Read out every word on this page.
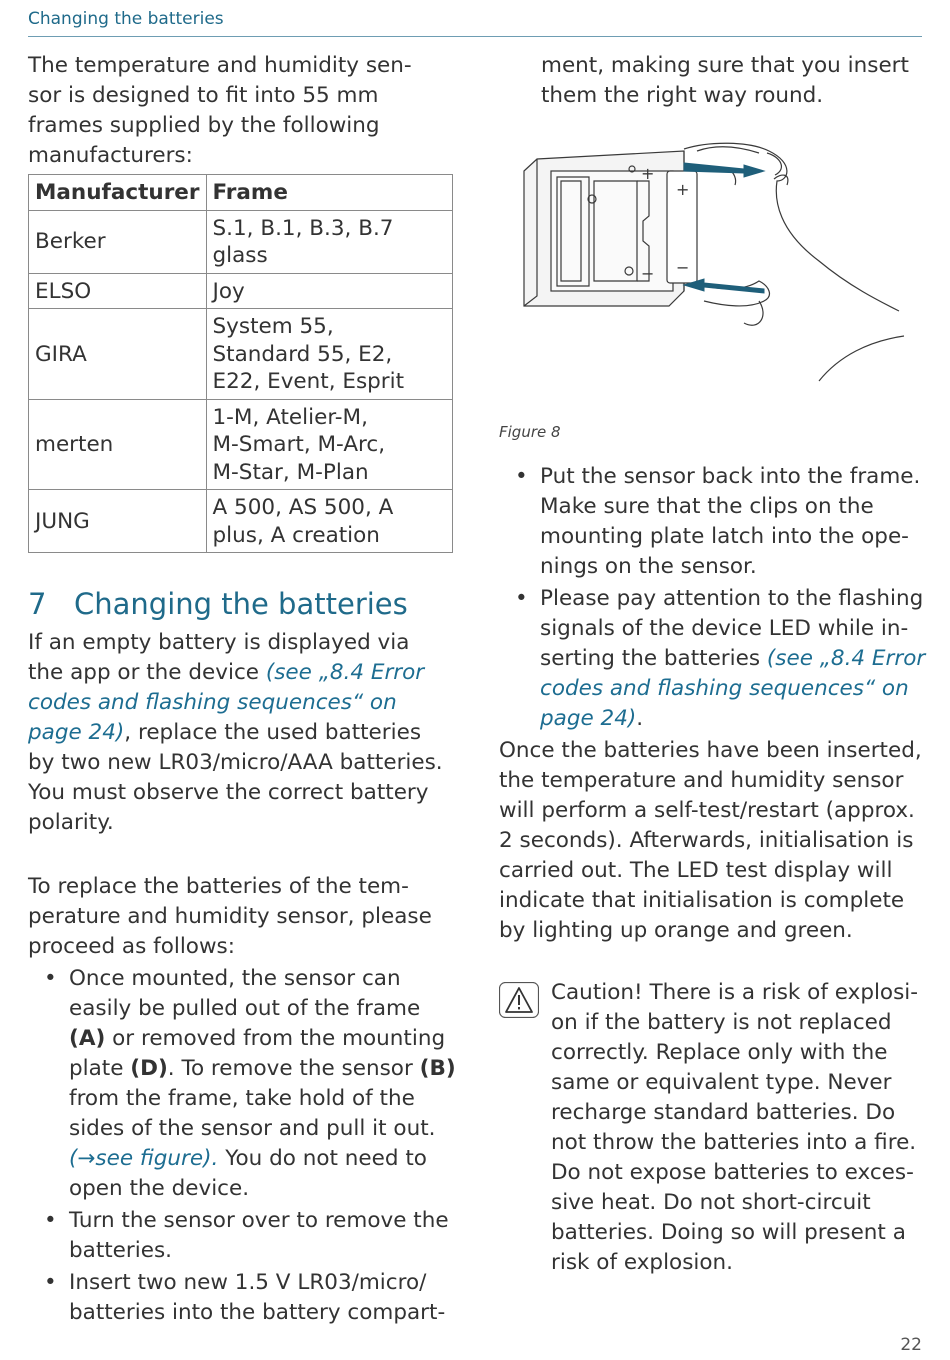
Changing the batteries
The temperature and humidity sen-sor is designed to fit into 55 mm frames supplied by the following manufacturers:
Manufacturer	Frame
Berker	S.1, B.1, B.3, B.7 glass
ELSO	Joy
GIRA	System 55, Standard 55, E2, E22, Event, Esprit
merten	1-M, Atelier-M, M-Smart, M-Arc, M-Star, M-Plan
JUNG	A 500, AS 500, A plus, A creation
7 Changing the batteries
If an empty battery is displayed via the app or the device (see „8.4 Error codes and flashing sequences“ on page 24), replace the used batteries by two new LR03/micro/AAA batteries. You must observe the correct battery polarity.
To replace the batteries of the tem-perature and humidity sensor, please proceed as follows:
• Once mounted, the sensor can easily be pulled out of the frame (A) or removed from the mounting plate (D). To remove the sensor (B) from the frame, take hold of the sides of the sensor and pull it out. (→see figure). You do not need to open the device.
• Turn the sensor over to remove the batteries.
• Insert two new 1.5 V LR03/micro/ batteries into the battery compart-
ment, making sure that you insert them the right way round.
+
−
+
−
Figure 8
• Put the sensor back into the frame. Make sure that the clips on the mounting plate latch into the ope-nings on the sensor.
• Please pay attention to the flashing signals of the device LED while in-serting the batteries (see „8.4 Error codes and flashing sequences“ on page 24).
Once the batteries have been inserted, the temperature and humidity sensor will perform a self-test/restart (approx. 2 seconds). Afterwards, initialisation is carried out. The LED test display will indicate that initialisation is complete by lighting up orange and green.
Caution! There is a risk of explosi-on if the battery is not replaced correctly. Replace only with the same or equivalent type. Never recharge standard batteries. Do not throw the batteries into a fire. Do not expose batteries to exces-sive heat. Do not short-circuit batteries. Doing so will present a risk of explosion.
22
